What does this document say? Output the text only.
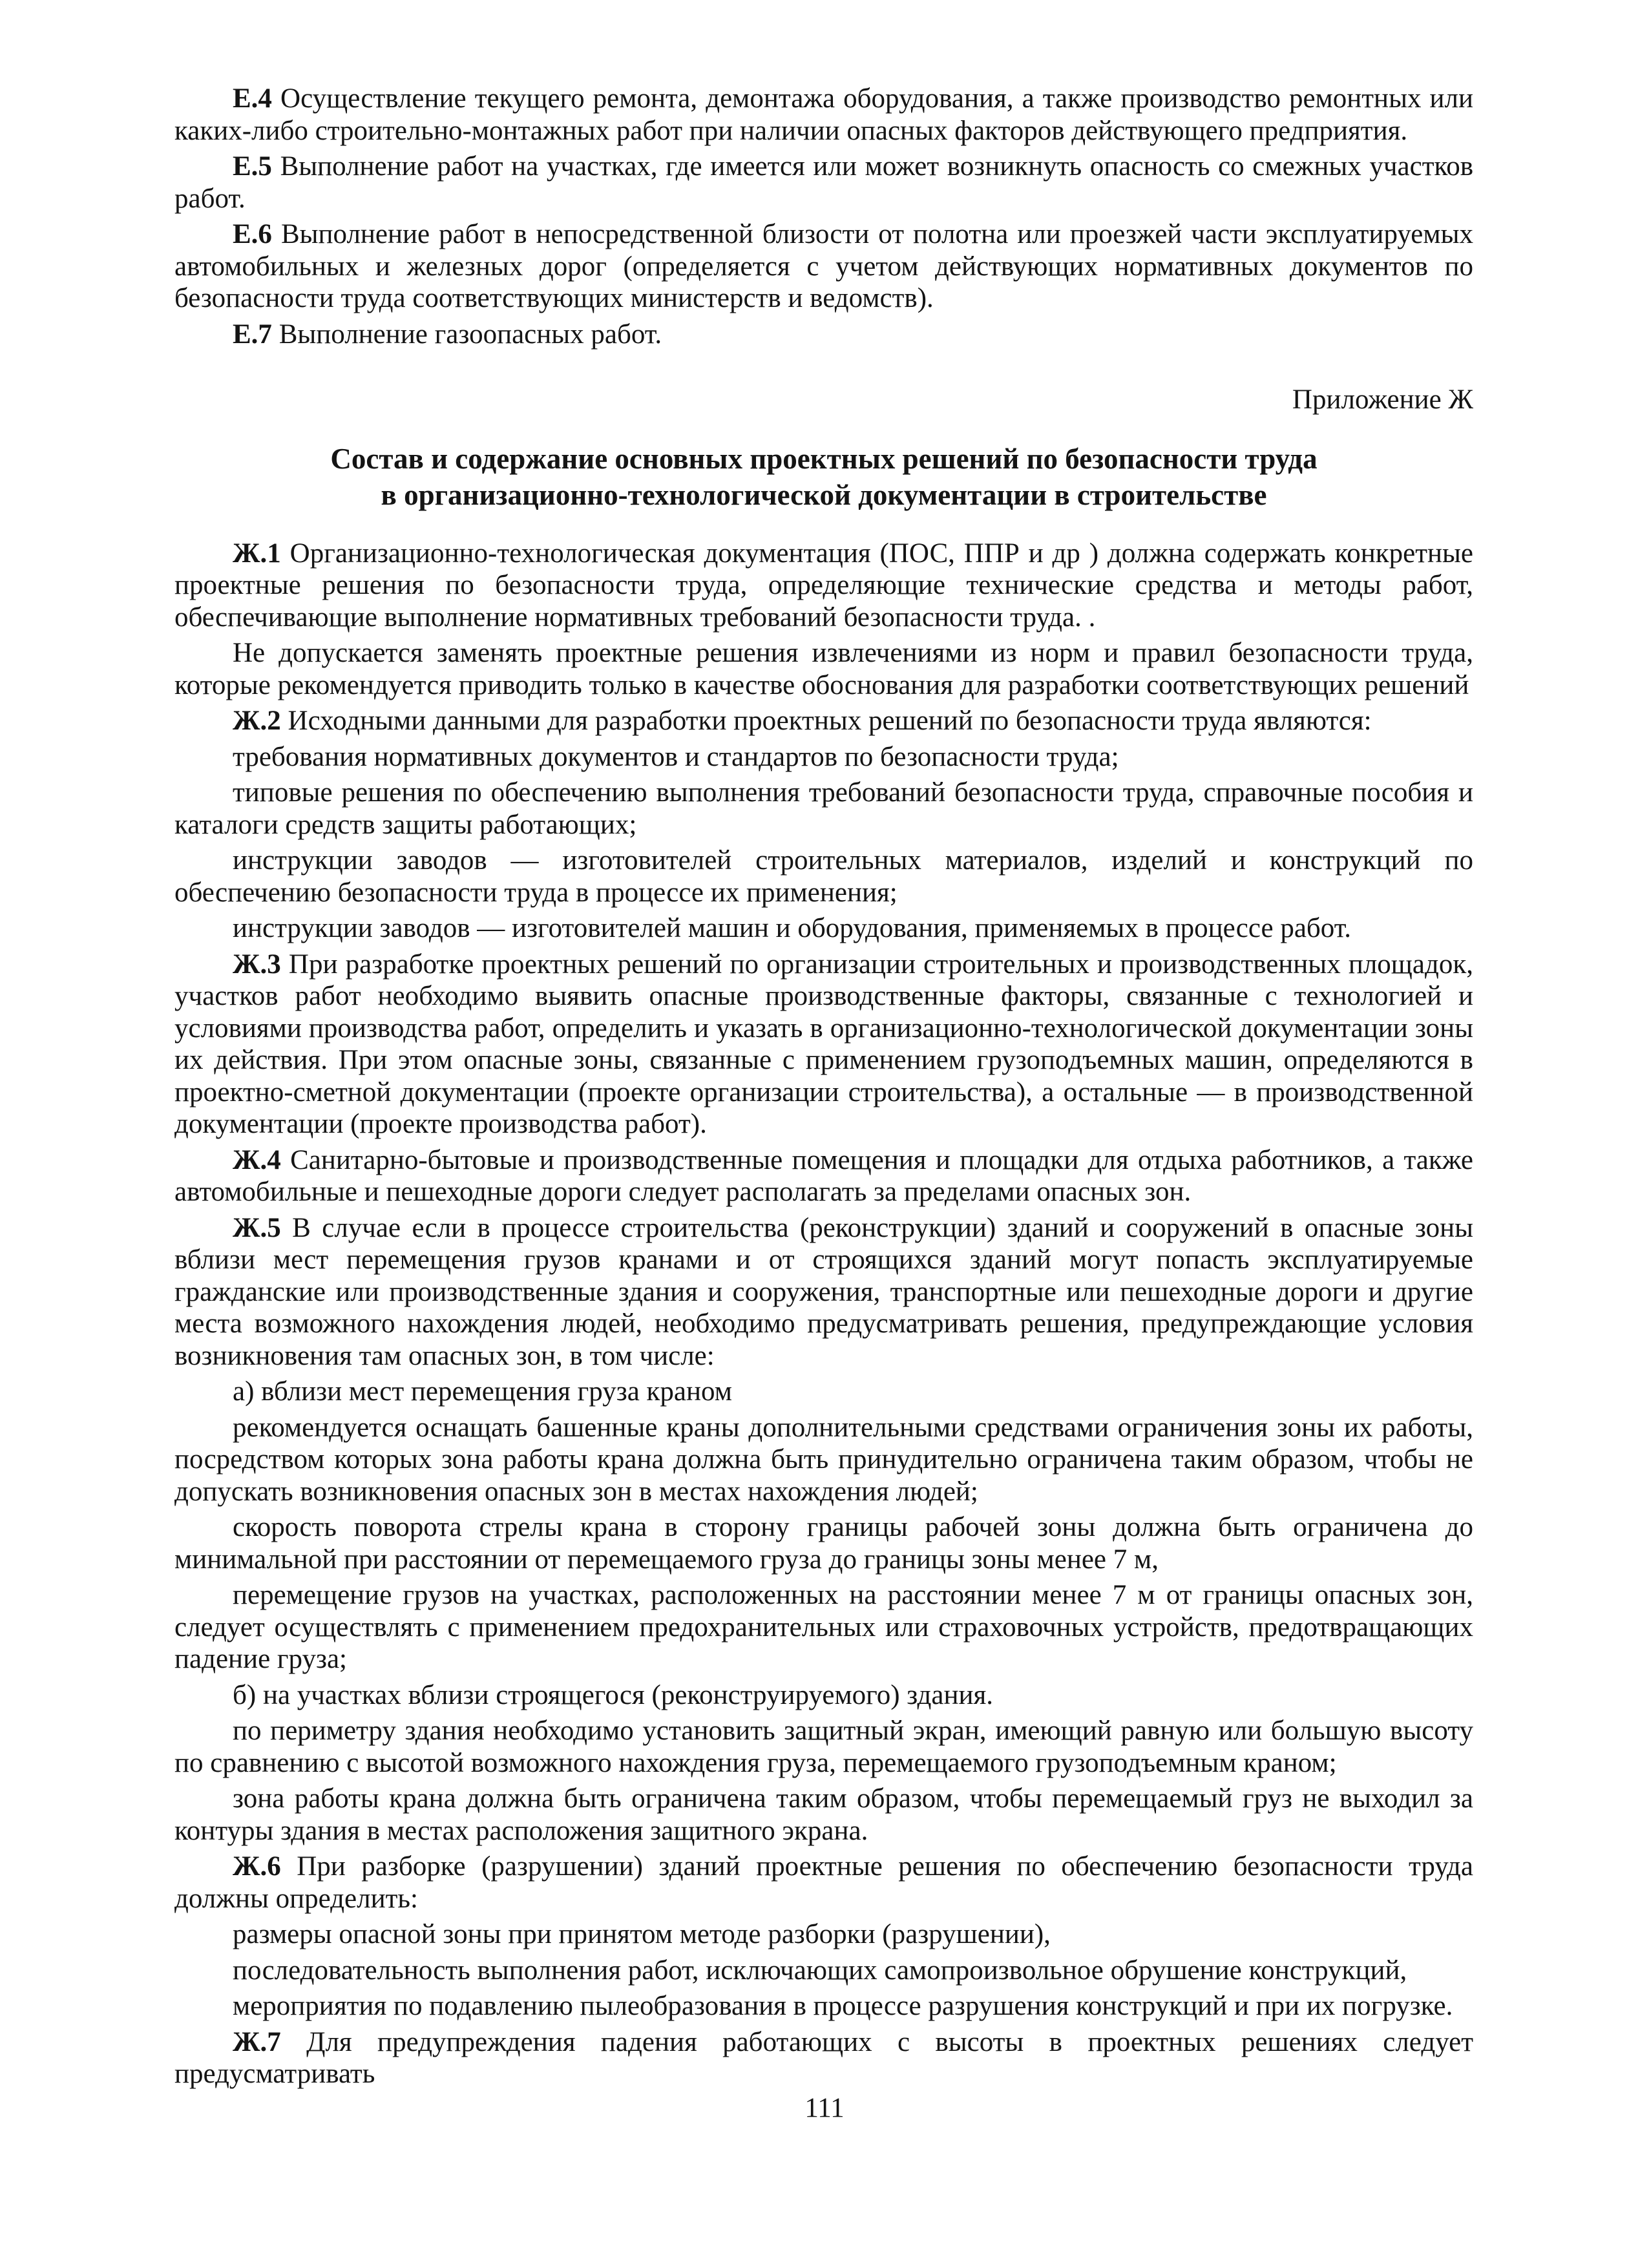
Е.4 Осуществление текущего ремонта, демонтажа оборудования, а также производство ремонтных или каких-либо строительно-монтажных работ при наличии опасных факторов действующего предприятия.

Е.5 Выполнение работ на участках, где имеется или может возникнуть опасность со смежных участков работ.

Е.6 Выполнение работ в непосредственной близости от полотна или проезжей части эксплуатируемых автомобильных и железных дорог (определяется с учетом действующих нормативных документов по безопасности труда соответствующих министерств и ведомств).

Е.7 Выполнение газоопасных работ.

Приложение Ж
Состав и содержание основных проектных решений по безопасности труда
в организационно-технологической документации в строительстве

Ж.1 Организационно-технологическая документация (ПОС, ППР и др ) должна содержать конкретные проектные решения по безопасности труда, определяющие технические средства и методы работ, обеспечивающие выполнение нормативных требований безопасности труда. .

Не допускается заменять проектные решения извлечениями из норм и правил безопасности труда, которые рекомендуется приводить только в качестве обоснования для разработки соответствующих решений

Ж.2 Исходными данными для разработки проектных решений по безопасности труда являются:

требования нормативных документов и стандартов по безопасности труда;

типовые решения по обеспечению выполнения требований безопасности труда, справочные пособия и каталоги средств защиты работающих;

инструкции заводов — изготовителей строительных материалов, изделий и конструкций по обеспечению безопасности труда в процессе их применения;

инструкции заводов — изготовителей машин и оборудования, применяемых в процессе работ.

Ж.3 При разработке проектных решений по организации строительных и производственных площадок, участков работ необходимо выявить опасные производственные факторы, связанные с технологией и условиями производства работ, определить и указать в организационно-технологической документации зоны их действия. При этом опасные зоны, связанные с применением грузоподъемных машин, определяются в проектно-сметной документации (проекте организации строительства), а остальные — в производственной документации (проекте производства работ).

Ж.4 Санитарно-бытовые и производственные помещения и площадки для отдыха работников, а также автомобильные и пешеходные дороги следует располагать за пределами опасных зон.

Ж.5 В случае если в процессе строительства (реконструкции) зданий и сооружений в опасные зоны вблизи мест перемещения грузов кранами и от строящихся зданий могут попасть эксплуатируемые гражданские или производственные здания и сооружения, транспортные или пешеходные дороги и другие места возможного нахождения людей, необходимо предусматривать решения, предупреждающие условия возникновения там опасных зон, в том числе:

а) вблизи мест перемещения груза краном

рекомендуется оснащать башенные краны дополнительными средствами ограничения зоны их работы, посредством которых зона работы крана должна быть принудительно ограничена таким образом, чтобы не допускать возникновения опасных зон в местах нахождения людей;

скорость поворота стрелы крана в сторону границы рабочей зоны должна быть ограничена до минимальной при расстоянии от перемещаемого груза до границы зоны менее 7 м,

перемещение грузов на участках, расположенных на расстоянии менее 7 м от границы опасных зон, следует осуществлять с применением предохранительных или страховочных устройств, предотвращающих падение груза;

б) на участках вблизи строящегося (реконструируемого) здания.

по периметру здания необходимо установить защитный экран, имеющий равную или большую высоту по сравнению с высотой возможного нахождения груза, перемещаемого грузоподъемным краном;

зона работы крана должна быть ограничена таким образом, чтобы перемещаемый груз не выходил за контуры здания в местах расположения защитного экрана.

Ж.6 При разборке (разрушении) зданий проектные решения по обеспечению безопасности труда должны определить:

размеры опасной зоны при принятом методе разборки (разрушении),

последовательность выполнения работ, исключающих самопроизвольное обрушение конструкций,

мероприятия по подавлению пылеобразования в процессе разрушения конструкций и при их погрузке.

Ж.7 Для предупреждения падения работающих с высоты в проектных решениях следует предусматривать

111
